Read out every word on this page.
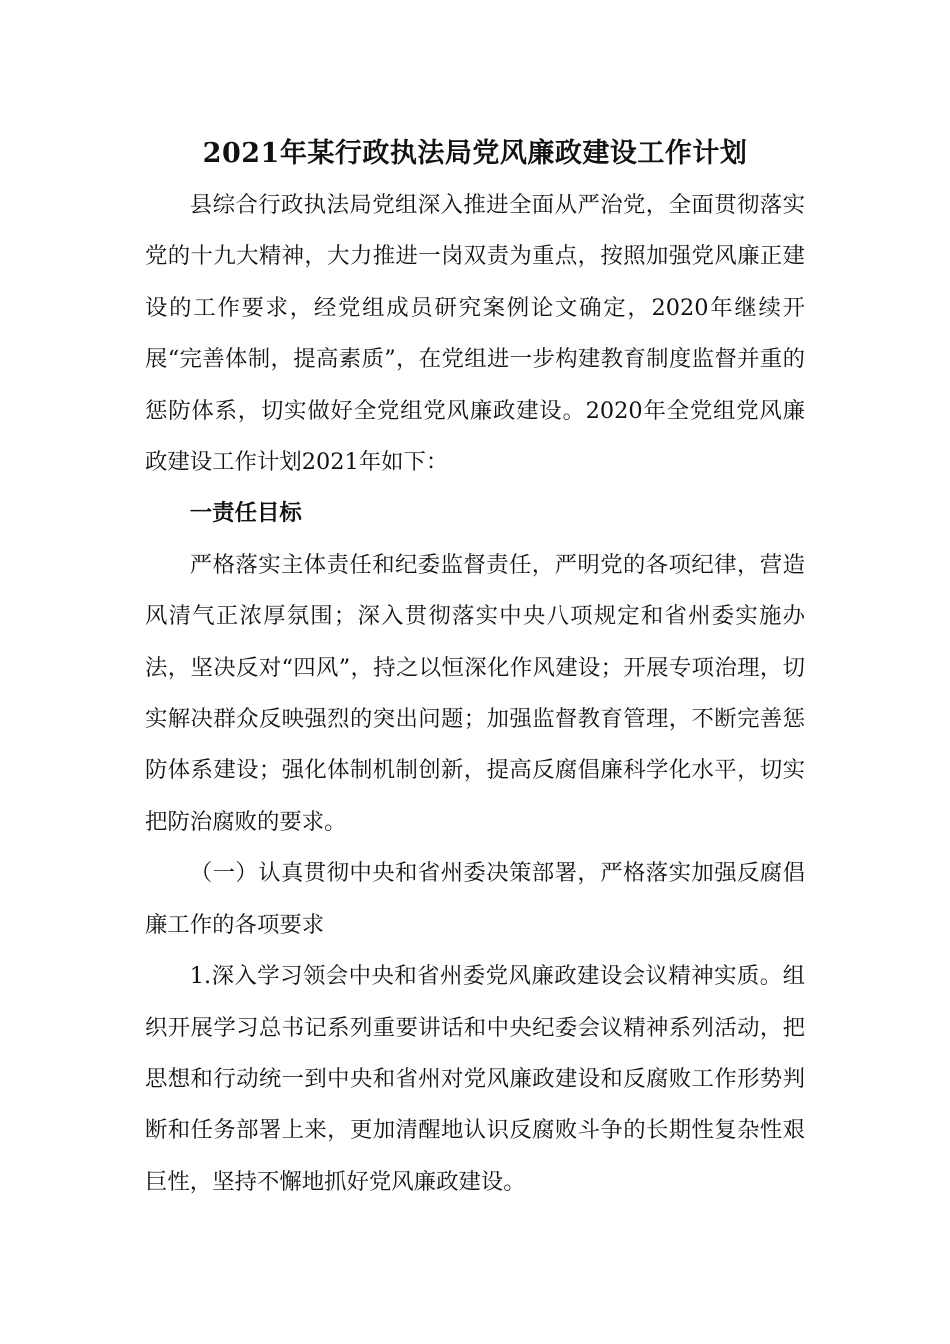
2021年某行政执法局党风廉政建设工作计划

县综合行政执法局党组深入推进全面从严治党，全面贯彻落实党的十九大精神，大力推进一岗双责为重点，按照加强党风廉正建设的工作要求，经党组成员研究案例论文确定，2020年继续开展“完善体制，提高素质”，在党组进一步构建教育制度监督并重的惩防体系，切实做好全党组党风廉政建设。2020年全党组党风廉政建设工作计划2021年如下：

一责任目标

严格落实主体责任和纪委监督责任，严明党的各项纪律，营造风清气正浓厚氛围；深入贯彻落实中央八项规定和省州委实施办法，坚决反对“四风”，持之以恒深化作风建设；开展专项治理，切实解决群众反映强烈的突出问题；加强监督教育管理，不断完善惩防体系建设；强化体制机制创新，提高反腐倡廉科学化水平，切实把防治腐败的要求。

（一）认真贯彻中央和省州委决策部署，严格落实加强反腐倡廉工作的各项要求

1.深入学习领会中央和省州委党风廉政建设会议精神实质。组织开展学习总书记系列重要讲话和中央纪委会议精神系列活动，把思想和行动统一到中央和省州对党风廉政建设和反腐败工作形势判断和任务部署上来，更加清醒地认识反腐败斗争的长期性复杂性艰巨性，坚持不懈地抓好党风廉政建设。
